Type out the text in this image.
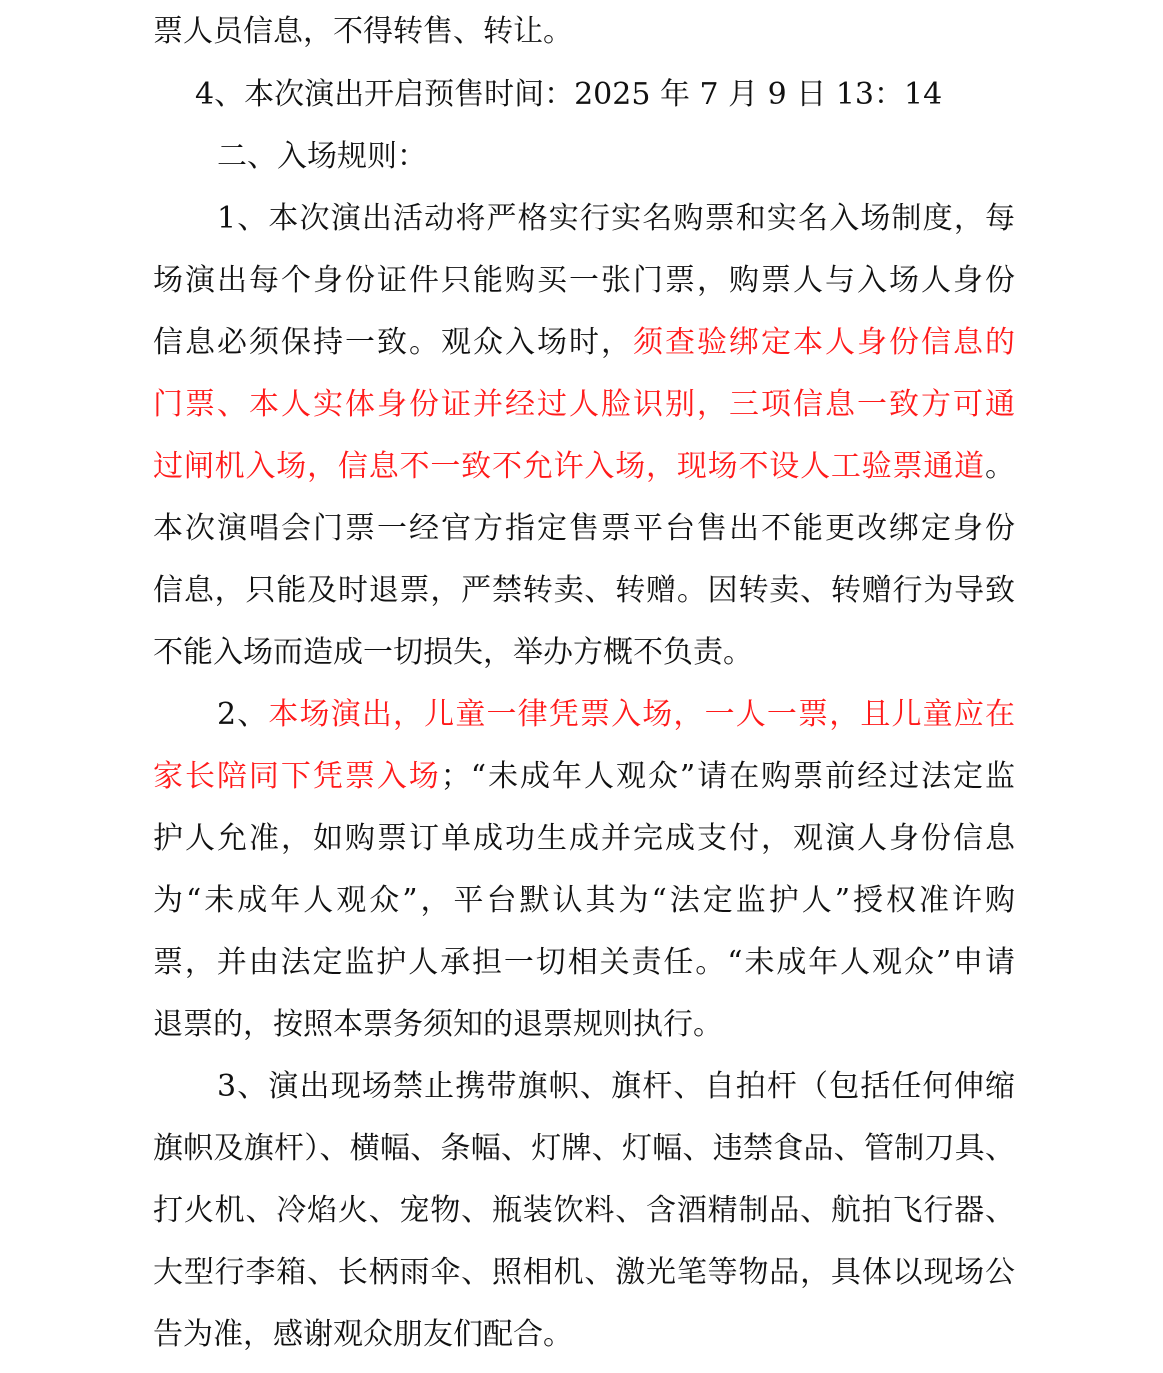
票人员信息，不得转售、转让。
4、本次演出开启预售时间：2025 年 7 月 9 日 13：14
二、入场规则：
1、本次演出活动将严格实行实名购票和实名入场制度，每
场演出每个身份证件只能购买一张门票，购票人与入场人身份
信息必须保持一致。观众入场时，须查验绑定本人身份信息的
门票、本人实体身份证并经过人脸识别，三项信息一致方可通
过闸机入场，信息不一致不允许入场，现场不设人工验票通道。
本次演唱会门票一经官方指定售票平台售出不能更改绑定身份
信息，只能及时退票，严禁转卖、转赠。因转卖、转赠行为导致
不能入场而造成一切损失，举办方概不负责。
2、本场演出，儿童一律凭票入场，一人一票，且儿童应在
家长陪同下凭票入场；“未成年人观众”请在购票前经过法定监
护人允准，如购票订单成功生成并完成支付，观演人身份信息
为“未成年人观众”，平台默认其为“法定监护人”授权准许购
票，并由法定监护人承担一切相关责任。“未成年人观众”申请
退票的，按照本票务须知的退票规则执行。
3、演出现场禁止携带旗帜、旗杆、自拍杆（包括任何伸缩
旗帜及旗杆）、横幅、条幅、灯牌、灯幅、违禁食品、管制刀具、
打火机、冷焰火、宠物、瓶装饮料、含酒精制品、航拍飞行器、
大型行李箱、长柄雨伞、照相机、激光笔等物品，具体以现场公
告为准，感谢观众朋友们配合。
